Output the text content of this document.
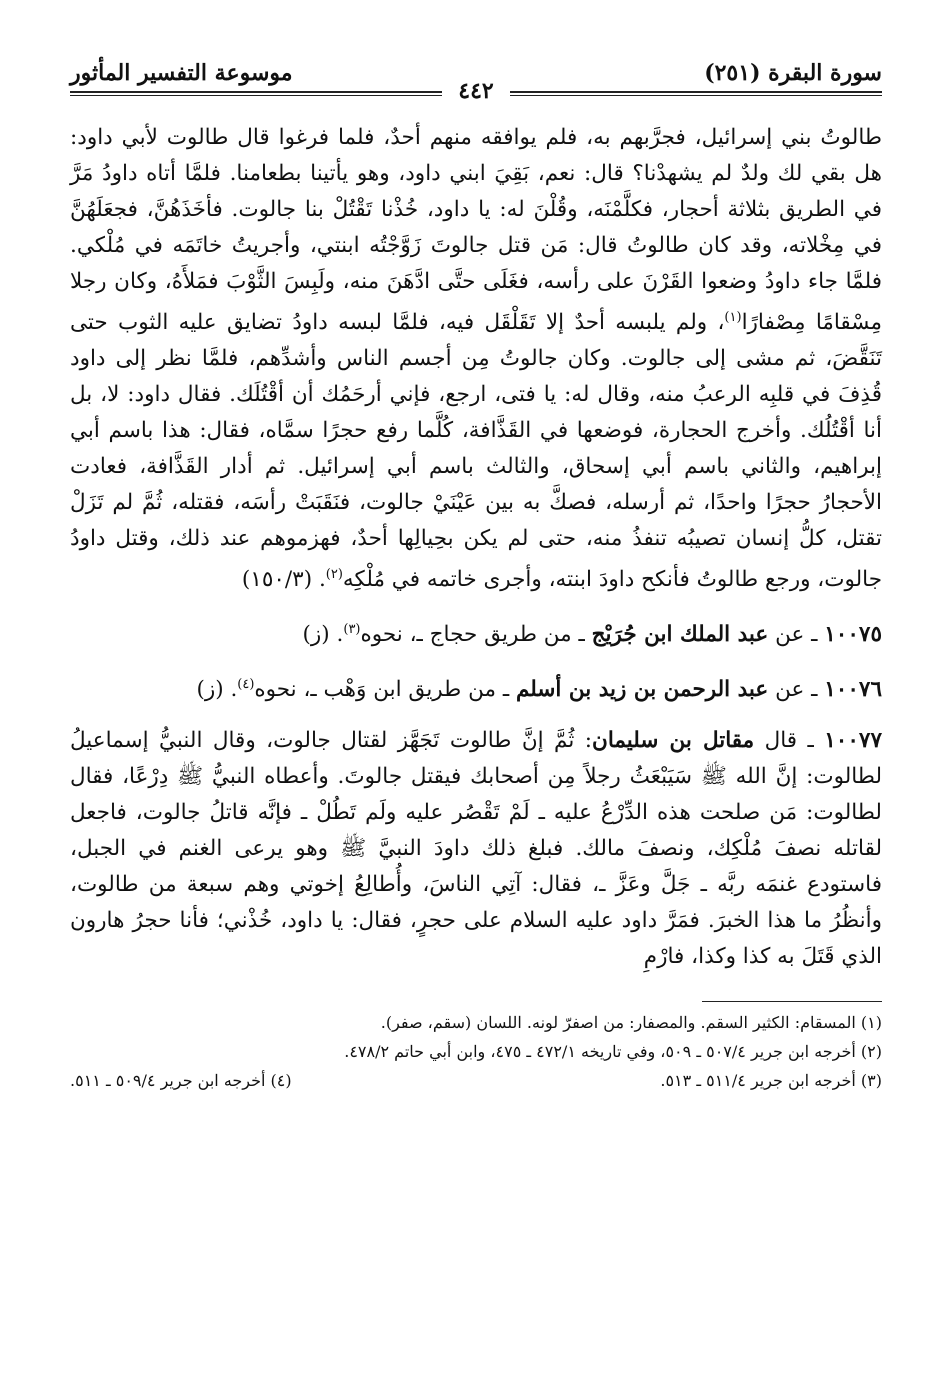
سورة البقرة (٢٥١)
موسوعة التفسير المأثور
٤٤٢

طالوتُ بني إسرائيل، فجرَّبهم به، فلم يوافقه منهم أحدٌ، فلما فرغوا قال طالوت لأبي داود: هل بقي لك ولدٌ لم يشهدْنا؟ قال: نعم، بَقِيَ ابني داود، وهو يأتينا بطعامنا. فلمَّا أتاه داودُ مَرَّ في الطريق بثلاثة أحجار، فكلَّمْنَه، وقُلْنَ له: يا داود، خُذْنا تَقْتُلْ بنا جالوت. فأخَذَهُنَّ، فجعَلَهُنَّ في مِخْلاته، وقد كان طالوتُ قال: مَن قتل جالوتَ زَوَّجْتُه ابنتي، وأجريتُ خاتَمَه في مُلْكي. فلمَّا جاء داودُ وضعوا القَرْنَ على رأسه، فغَلَى حتَّى ادَّهَنَ منه، ولَبِسَ الثَّوْبَ فمَلأَهُ، وكان رجلا مِسْقامًا مِصْفارًا$^{(١)}$، ولم يلبسه أحدٌ إلا تَقَلْقَل فيه، فلمَّا لبسه داودُ تضايق عليه الثوب حتى تَنَقَّضَ، ثم مشى إلى جالوت. وكان جالوتُ مِن أجسم الناس وأشدِّهم، فلمَّا نظر إلى داود قُذِفَ في قلبِه الرعبُ منه، وقال له: يا فتى، ارجع، فإني أرحَمُك أن أقْتُلَك. فقال داود: لا، بل أنا أقْتُلُك. وأخرج الحجارة، فوضعها في القَذَّافة، كُلَّما رفع حجرًا سمَّاه، فقال: هذا باسم أبي إبراهيم، والثاني باسم أبي إسحاق، والثالث باسم أبي إسرائيل. ثم أدار القَذَّافة، فعادت الأحجارُ حجرًا واحدًا، ثم أرسله، فصكَّ به بين عَيْنَيْ جالوت، فنَقَبَتْ رأسَه، فقتله، ثُمَّ لم تَزَلْ تقتل، كلُّ إنسان تصيبُه تنفذُ منه، حتى لم يكن بحِيالِها أحدٌ، فهزموهم عند ذلك، وقتل داودُ جالوت، ورجع طالوتُ فأنكح داودَ ابنته، وأجرى خاتمه في مُلْكِه$^{(٢)}$. (١٥٠/٣)

١٠٠٧٥ ـ عن عبد الملك ابن جُرَيْج ـ من طريق حجاج ـ، نحوه$^{(٣)}$. (ز)

١٠٠٧٦ ـ عن عبد الرحمن بن زيد بن أسلم ـ من طريق ابن وَهْب ـ، نحوه$^{(٤)}$. (ز)

١٠٠٧٧ ـ قال مقاتل بن سليمان: ثُمَّ إنَّ طالوت تَجَهَّز لقتال جالوت، وقال النبيُّ إسماعيلُ لطالوت: إنَّ الله ﷺ سَيَبْعَثُ رجلاً مِن أصحابك فيقتل جالوتَ. وأعطاه النبيُّ ﷺ دِرْعًا، فقال لطالوت: مَن صلحت هذه الدِّرْعُ عليه ـ لَمْ تَقْصُر عليه ولَم تَطُلْ ـ فإنَّه قاتلُ جالوت، فاجعل لقاتله نصفَ مُلْكِك، ونصفَ مالك. فبلغ ذلك داودَ النبيَّ ﷺ وهو يرعى الغنم في الجبل، فاستودع غنمَه ربَّه ـ جَلَّ وعَزَّ ـ، فقال: آتِي الناسَ، وأُطالِعُ إخوتي وهم سبعة من طالوت، وأنظُرُ ما هذا الخبرَ. فمَرَّ داود عليه السلام على حجرٍ، فقال: يا داود، خُذْني؛ فأنا حجرُ هارون الذي قَتَلَ به كذا وكذا، فارْمِ

(١) المسقام: الكثير السقم. والمصفار: من اصفرّ لونه. اللسان (سقم، صفر).

(٢) أخرجه ابن جرير ٥٠٧/٤ ـ ٥٠٩، وفي تاريخه ٤٧٢/١ ـ ٤٧٥، وابن أبي حاتم ٤٧٨/٢.

(٣) أخرجه ابن جرير ٥١١/٤ ـ ٥١٣.
(٤) أخرجه ابن جرير ٥٠٩/٤ ـ ٥١١.
